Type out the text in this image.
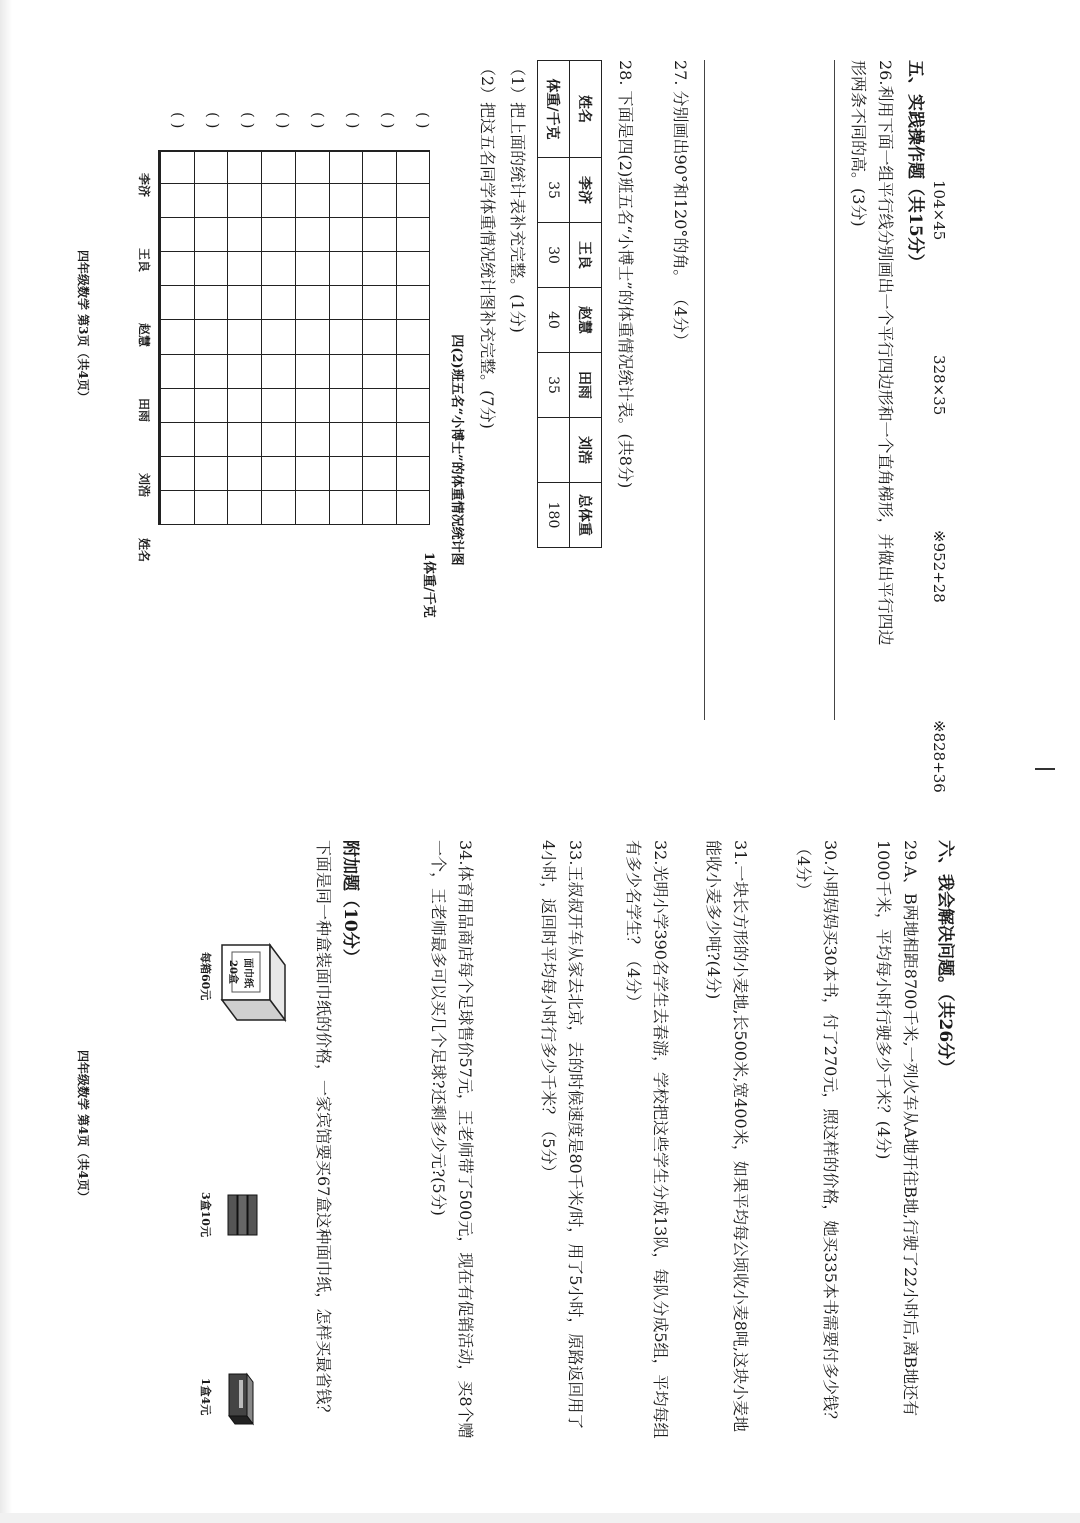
104×45
328×35
※952+28
※828+36
五、实践操作题（共15分）
26.利用下面一组平行线分别画出一个平行四边形和一个直角梯形，并做出平行四边
形两条不同的高。(3分)
27. 分别画出90°和120°的角。 （4分）
28. 下面是四(2)班五名“小博士”的体重情况统计表。(共8分)
姓名	李济	王良	赵慧	田雨	刘浩	总体重
体重/千克	35	30	40	35		180
（1）把上面的统计表补充完整。(1分)
（2）把这五名同学体重情况统计图补充完整。(7分)
四(2)班五名“小博士”的体重情况统计图
1体重/千克
李济
王良
赵慧
田雨
刘浩
姓名
( )
( )
( )
( )
( )
( )
( )
( )
四年级数学 第3页（共4页）
六、我会解决问题。（共26分）
29.A、B两地相距8700千米,一列火车从A地开往B地,行驶了22小时后,离B地还有
1000千米，平均每小时行驶多少千米？(4分)
30.小明妈妈买30本书，付了270元，照这样的价格，她买335本书需要付多少钱？
（4分）
31.一块长方形的小麦地,长500米,宽400米，如果平均每公顷收小麦8吨,这块小麦地
能收小麦多少吨?(4分)
32.光明小学390名学生去春游，学校把这些学生分成13队，每队分成5组，平均每组
有多少名学生？（4分）
33.王叔叔开车从家去北京，去的时候速度是80千米/时，用了5小时，原路返回用了
4小时，返回时平均每小时行多少千米？（5分）
34.体育用品商店每个足球售价57元，王老师带了500元，现在有促销活动，买8个赠
一个，王老师最多可以买几个足球?还剩多少元?(5分)
附加题（10分）
下面是同一种盒装面巾纸的价格，一家宾馆要买67盒这种面巾纸，怎样买最省钱？
面巾纸
20盒
每箱60元
3盒10元
1盒4元
四年级数学 第4页（共4页）
